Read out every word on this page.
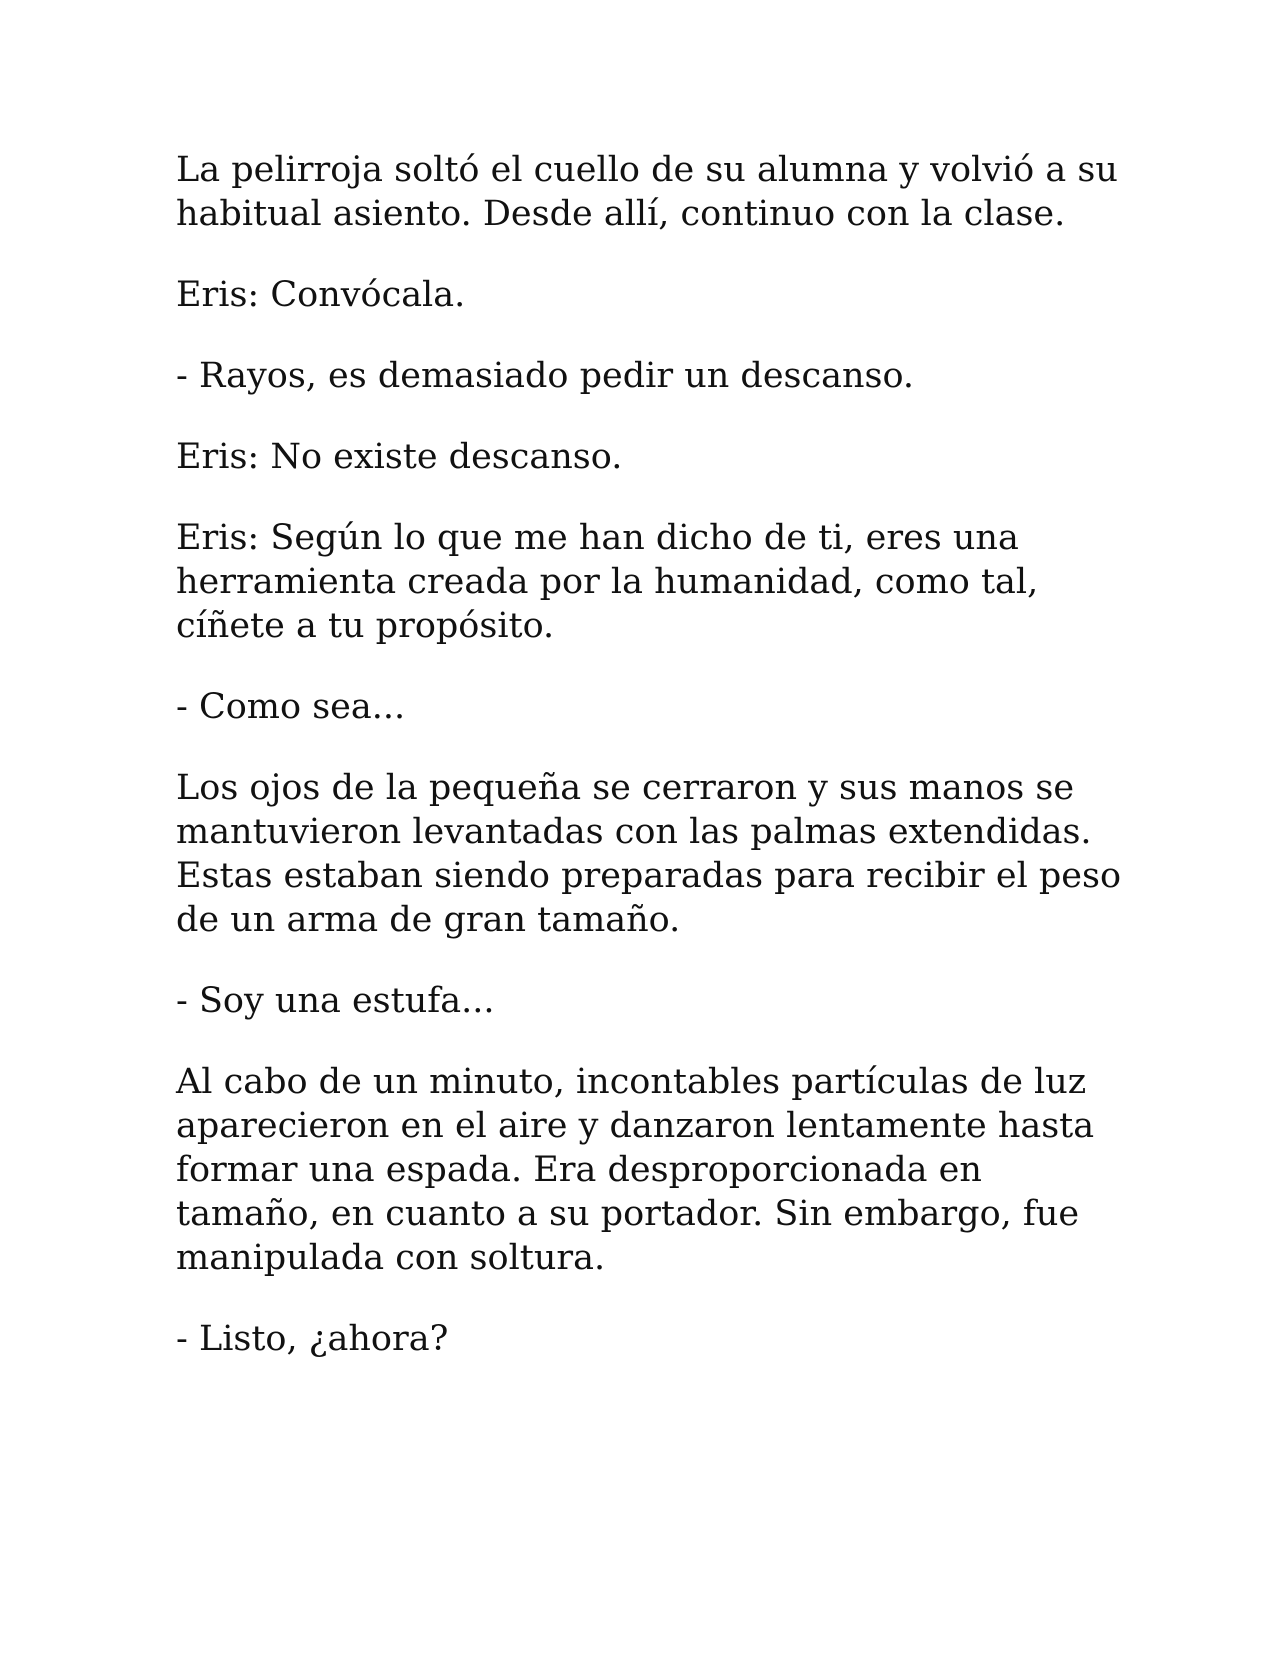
La pelirroja soltó el cuello de su alumna y volvió a su habitual asiento. Desde allí, continuo con la clase.

Eris: Convócala.

- Rayos, es demasiado pedir un descanso.

Eris: No existe descanso.

Eris: Según lo que me han dicho de ti, eres una herramienta creada por la humanidad, como tal, cíñete a tu propósito.

- Como sea...

Los ojos de la pequeña se cerraron y sus manos se mantuvieron levantadas con las palmas extendidas. Estas estaban siendo preparadas para recibir el peso de un arma de gran tamaño.

- Soy una estufa...

Al cabo de un minuto, incontables partículas de luz aparecieron en el aire y danzaron lentamente hasta formar una espada. Era desproporcionada en tamaño, en cuanto a su portador. Sin embargo, fue manipulada con soltura.

- Listo, ¿ahora?
